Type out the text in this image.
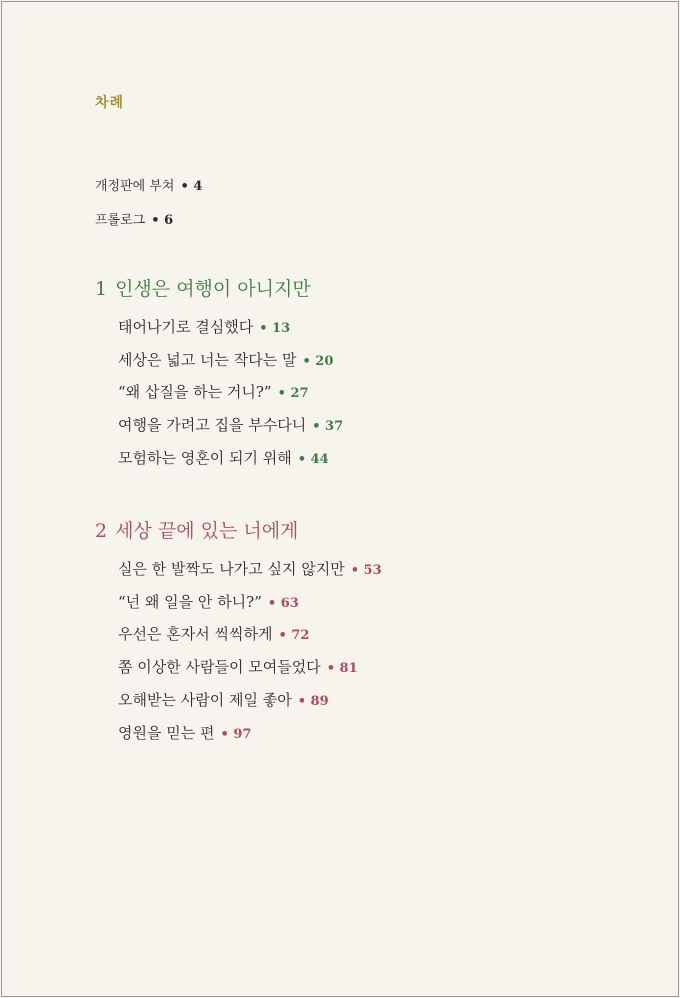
차례
개정판에 부쳐 • 4
프롤로그 • 6
1 인생은 여행이 아니지만
태어나기로 결심했다 • 13
세상은 넓고 너는 작다는 말 • 20
“왜 삽질을 하는 거니?” • 27
여행을 가려고 집을 부수다니 • 37
모험하는 영혼이 되기 위해 • 44
2 세상 끝에 있는 너에게
실은 한 발짝도 나가고 싶지 않지만 • 53
“넌 왜 일을 안 하니?” • 63
우선은 혼자서 씩씩하게 • 72
쫌 이상한 사람들이 모여들었다 • 81
오해받는 사람이 제일 좋아 • 89
영원을 믿는 편 • 97
